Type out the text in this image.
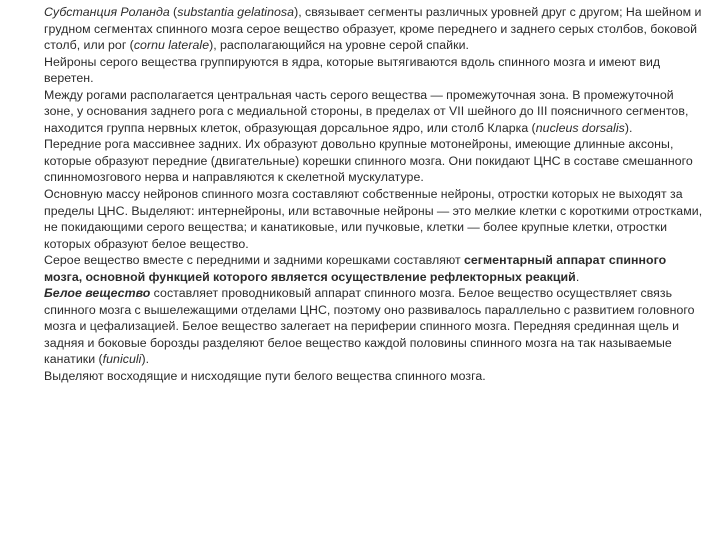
Субстанция Роланда (substantia gelatinosa), связывает сегменты различных уровней друг с другом; На шейном и грудном сегментах спинного мозга серое вещество образует, кроме переднего и заднего серых столбов, боковой столб, или рог (cornu laterale), располагающийся на уровне серой спайки.

Нейроны серого вещества группируются в ядра, которые вытягиваются вдоль спинного мозга и имеют вид веретен.

Между рогами располагается центральная часть серого вещества — промежуточная зона. В промежуточной зоне, у основания заднего рога с медиальной стороны, в пределах от VII шейного до III поясничного сегментов, находится группа нервных клеток, образующая дорсальное ядро, или столб Кларка (nucleus dorsalis).

Передние рога массивнее задних. Их образуют довольно крупные мотонейроны, имеющие длинные аксоны, которые образуют передние (двигательные) корешки спинного мозга. Они покидают ЦНС в составе смешанного спинномозгового нерва и направляются к скелетной мускулатуре.

Основную массу нейронов спинного мозга составляют собственные нейроны, отростки которых не выходят за пределы ЦНС. Выделяют: интернейроны, или вставочные нейроны — это мелкие клетки с короткими отростками, не покидающими серого вещества; и канатиковые, или пучковые, клетки — более крупные клетки, отростки которых образуют белое вещество.

Серое вещество вместе с передними и задними корешками составляют сегментарный аппарат спинного мозга, основной функцией которого является осуществление рефлекторных реакций.

Белое вещество составляет проводниковый аппарат спинного мозга. Белое вещество осуществляет связь спинного мозга с вышележащими отделами ЦНС, поэтому оно развивалось параллельно с развитием головного мозга и цефализацией. Белое вещество залегает на периферии спинного мозга. Передняя срединная щель и задняя и боковые борозды разделяют белое вещество каждой половины спинного мозга на так называемые канатики (funiculi).

Выделяют восходящие и нисходящие пути белого вещества спинного мозга.
